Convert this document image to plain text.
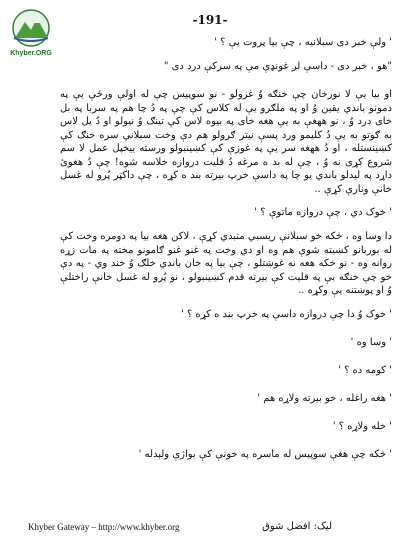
Khyber.ORG
-191-
' ولې خبر دی سبلانيه ، چې بيا پروت يې ؟ '
"هو ، خبر دی - داسې لږ غونډې مې په سرکې درد دی "
او بيا يې لا نورخان چې خنګه وُ غزولو - نو سوپيس چې له اولې ورځې يې په دمونو باندي يقين وُ او په ملګرو يې له کلاس کې چې په دُ چا هم په سربا په بل خاى درد وُ ، نو ههغې به يې هغه خاى په بيوه لاس کې تينګ وُ نيولو او دُ يل لاس به ګوتو به يې دُ کليمو ورد پسې نيتر ګرولو هم دې وخت سبلاني سره خنګ کې کښينستله ، او دُ ههغه سر يې په غوزې کې کښينبولو ورسته ييخپل عمل لا سم شروع کړی نه وُ ، چې له بد ه مرغه دُ قليت دروازه خلاسه شوه! چې دُ هغوئ داړد په ليدلو باندي يو چا په داسې خرپ بيرته بند ه کړه ، چې داکټر پُرو له غسل خانې ونارې کړې ..
' خوک دي ، چې دروازه ماتوې ؟ '
دا وسا وه ، څکه خو سبلانې ريسبي متبدي کړې ، لاکن هغه بيا په دومره وخت کې له بوربانو کښيته شوې هم وه او دي وخت په غنو غنو ګامونو مخته په مات زړه روانه وه - نو خکه هغه نه غوښتلو ، چې بيا په خان باندي خلګ وُ خند وي - په دې خو چې خنګه بې په قليت کې بيرته قدم کښينبولو ، نو پُرو له غسل خانې راختلې وُ او پوښتنه يې وکړه ..
' خوک وُ دا چې دروازه داسې په خرپ بند ه کړه ؟ '
' وسا وه '
' کومه ده ؟ '
' هغه راغله ، خو بيرته ولاړه هم '
' خله ولاړه ؟ '
' څکه چې هغې سوپيس له ماسره په خونې کې بواژې ولېدله '
Khyber Gateway – http://www.khyber.org	ليک: افضل شوق
